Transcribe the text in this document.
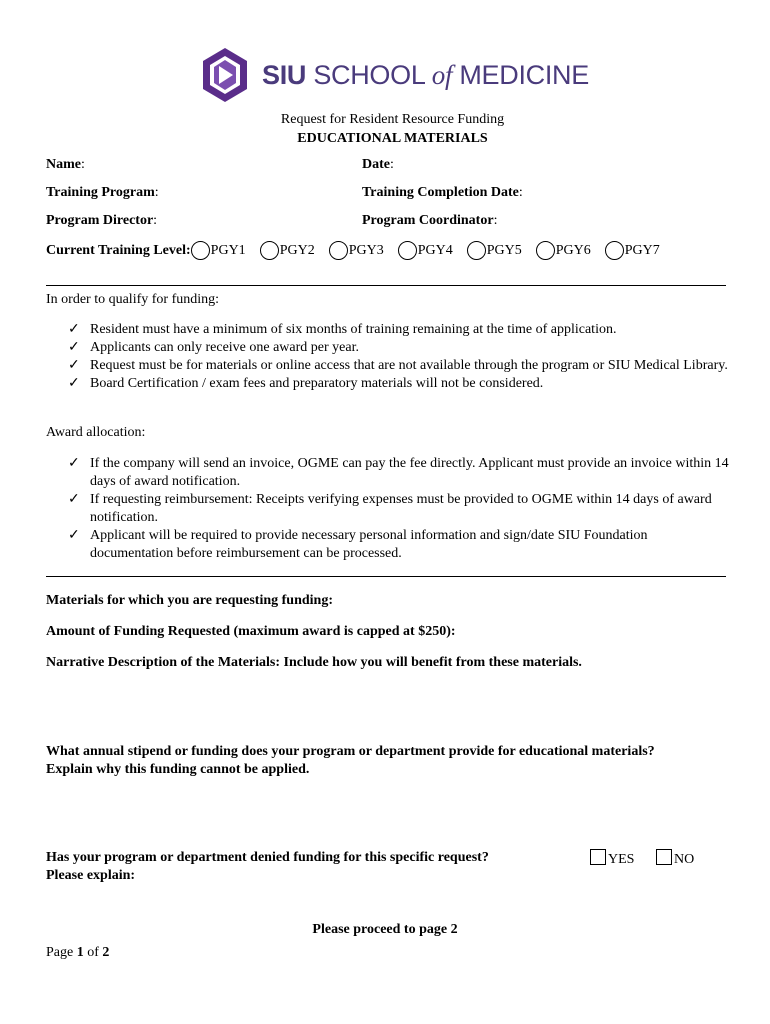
SIU SCHOOL of MEDICINE
Request for Resident Resource Funding
EDUCATIONAL MATERIALS
Name:	Date:
Training Program:	Training Completion Date:
Program Director:	Program Coordinator:
Current Training Level: PGY1 PGY2 PGY3 PGY4 PGY5 PGY6 PGY7
In order to qualify for funding:
✓ Resident must have a minimum of six months of training remaining at the time of application.
✓ Applicants can only receive one award per year.
✓ Request must be for materials or online access that are not available through the program or SIU Medical Library.
✓ Board Certification / exam fees and preparatory materials will not be considered.
Award allocation:
✓ If the company will send an invoice, OGME can pay the fee directly. Applicant must provide an invoice within 14 days of award notification.
✓ If requesting reimbursement: Receipts verifying expenses must be provided to OGME within 14 days of award notification.
✓ Applicant will be required to provide necessary personal information and sign/date SIU Foundation documentation before reimbursement can be processed.
Materials for which you are requesting funding:
Amount of Funding Requested (maximum award is capped at $250):
Narrative Description of the Materials: Include how you will benefit from these materials.
What annual stipend or funding does your program or department provide for educational materials?
Explain why this funding cannot be applied.
Has your program or department denied funding for this specific request?
Please explain:
YES	NO
Please proceed to page 2
Page 1 of 2
